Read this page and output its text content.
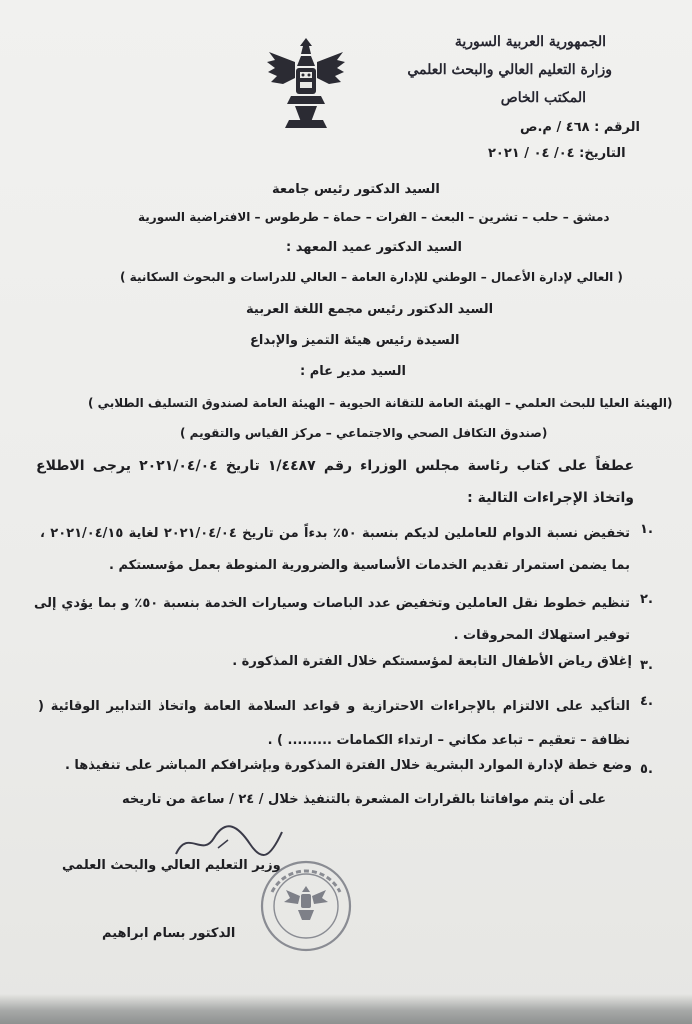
الجمهورية العربية السورية
وزارة التعليم العالي والبحث العلمي
المكتب الخاص
الرقم : ٤٦٨ / م.ص
التاريخ: ٠٤/ ٠٤ / ٢٠٢١
السيد الدكتور رئيس جامعة
دمشق – حلب – تشرين – البعث – الفرات – حماة – طرطوس – الافتراضية السورية
السيد الدكتور عميد المعهد :
( العالي لإدارة الأعمال – الوطني للإدارة العامة – العالي للدراسات و البحوث السكانية )
السيد الدكتور رئيس مجمع اللغة العربية
السيدة رئيس هيئة التميز والإبداع
السيد مدير عام :
(الهيئة العليا للبحث العلمي – الهيئة العامة للتقانة الحيوية – الهيئة العامة لصندوق التسليف الطلابي )
(صندوق التكافل الصحي والاجتماعي – مركز القياس والتقويم )
عطفاً على كتاب رئاسة مجلس الوزراء رقم ١/٤٤٨٧ تاريخ ٢٠٢١/٠٤/٠٤ يرجى الاطلاع واتخاذ الإجراءات التالية :
١.
تخفيض نسبة الدوام للعاملين لديكم بنسبة ٥٠٪ بدءاً من تاريخ ٢٠٢١/٠٤/٠٤ لغاية ٢٠٢١/٠٤/١٥ ، بما يضمن استمرار تقديم الخدمات الأساسية والضرورية المنوطة بعمل مؤسستكم .
٢.
تنظيم خطوط نقل العاملين وتخفيض عدد الباصات وسيارات الخدمة بنسبة ٥٠٪ و بما يؤدي إلى توفير استهلاك المحروقات .
٣.
إغلاق رياض الأطفال التابعة لمؤسستكم خلال الفترة المذكورة .
٤.
التأكيد على الالتزام بالإجراءات الاحترازية و قواعد السلامة العامة واتخاذ التدابير الوقائية ( نظافة – تعقيم – تباعد مكاني – ارتداء الكمامات ......... ) .
٥.
وضع خطة لإدارة الموارد البشرية خلال الفترة المذكورة وبإشرافكم المباشر على تنفيذها .
على أن يتم موافاتنا بالقرارات المشعرة بالتنفيذ خلال / ٢٤ / ساعة من تاريخه
وزير التعليم العالي والبحث العلمي
الدكتور بسام ابراهيم
